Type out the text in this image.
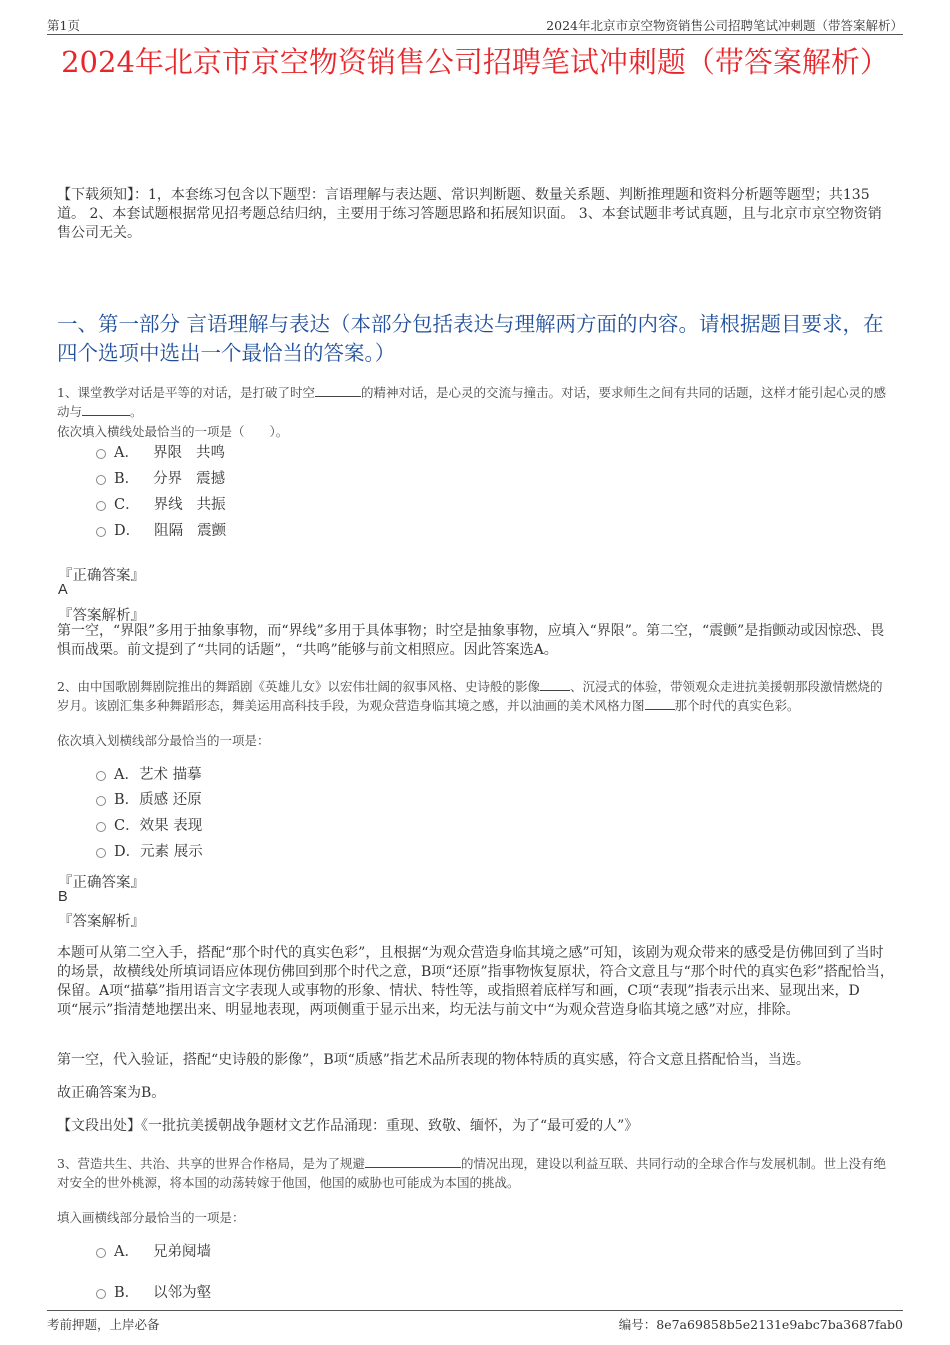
第1页	2024年北京市京空物资销售公司招聘笔试冲刺题（带答案解析）
2024年北京市京空物资销售公司招聘笔试冲刺题（带答案解析）
【下载须知】：1，本套练习包含以下题型：言语理解与表达题、常识判断题、数量关系题、判断推理题和资料分析题等题型；共135道。 2、本套试题根据常见招考题总结归纳，主要用于练习答题思路和拓展知识面。 3、本套试题非考试真题，且与北京市京空物资销售公司无关。
一、第一部分 言语理解与表达（本部分包括表达与理解两方面的内容。请根据题目要求，在四个选项中选出一个最恰当的答案。）
1、课堂教学对话是平等的对话，是打破了时空	的精神对话，是心灵的交流与撞击。对话，要求师生之间有共同的话题，这样才能引起心灵的感动与	。
依次填入横线处最恰当的一项是（　　）。
A． 界限 共鸣
B． 分界 震撼
C． 界线 共振
D． 阻隔 震颤
『正确答案』
A
『答案解析』
第一空，“界限”多用于抽象事物，而“界线”多用于具体事物；时空是抽象事物，应填入“界限”。第二空，“震颤”是指颤动或因惊恐、畏惧而战栗。前文提到了“共同的话题”，“共鸣”能够与前文相照应。因此答案选A。
2、由中国歌剧舞剧院推出的舞蹈剧《英雄儿女》以宏伟壮阔的叙事风格、史诗般的影像 、沉浸式的体验，带领观众走进抗美援朝那段激情燃烧的岁月。该剧汇集多种舞蹈形态，舞美运用高科技手段，为观众营造身临其境之感，并以油画的美术风格力图 那个时代的真实色彩。
依次填入划横线部分最恰当的一项是：
A．艺术 描摹
B．质感 还原
C．效果 表现
D．元素 展示
『正确答案』
B
『答案解析』
本题可从第二空入手，搭配“那个时代的真实色彩”，且根据“为观众营造身临其境之感”可知，该剧为观众带来的感受是仿佛回到了当时的场景，故横线处所填词语应体现仿佛回到那个时代之意，B项“还原”指事物恢复原状，符合文意且与“那个时代的真实色彩”搭配恰当，保留。A项“描摹”指用语言文字表现人或事物的形象、情状、特性等，或指照着底样写和画，C项“表现”指表示出来、显现出来，D项“展示”指清楚地摆出来、明显地表现，两项侧重于显示出来，均无法与前文中“为观众营造身临其境之感”对应，排除。
第一空，代入验证，搭配“史诗般的影像”，B项“质感”指艺术品所表现的物体特质的真实感，符合文意且搭配恰当，当选。
故正确答案为B。
【文段出处】《一批抗美援朝战争题材文艺作品涌现：重现、致敬、缅怀，为了“最可爱的人”》
3、营造共生、共治、共享的世界合作格局，是为了规避	的情况出现，建设以利益互联、共同行动的全球合作与发展机制。世上没有绝对安全的世外桃源，将本国的动荡转嫁于他国，他国的威胁也可能成为本国的挑战。
填入画横线部分最恰当的一项是：
A． 兄弟阋墙
B． 以邻为壑
考前押题，上岸必备	编号：8e7a69858b5e2131e9abc7ba3687fab0
